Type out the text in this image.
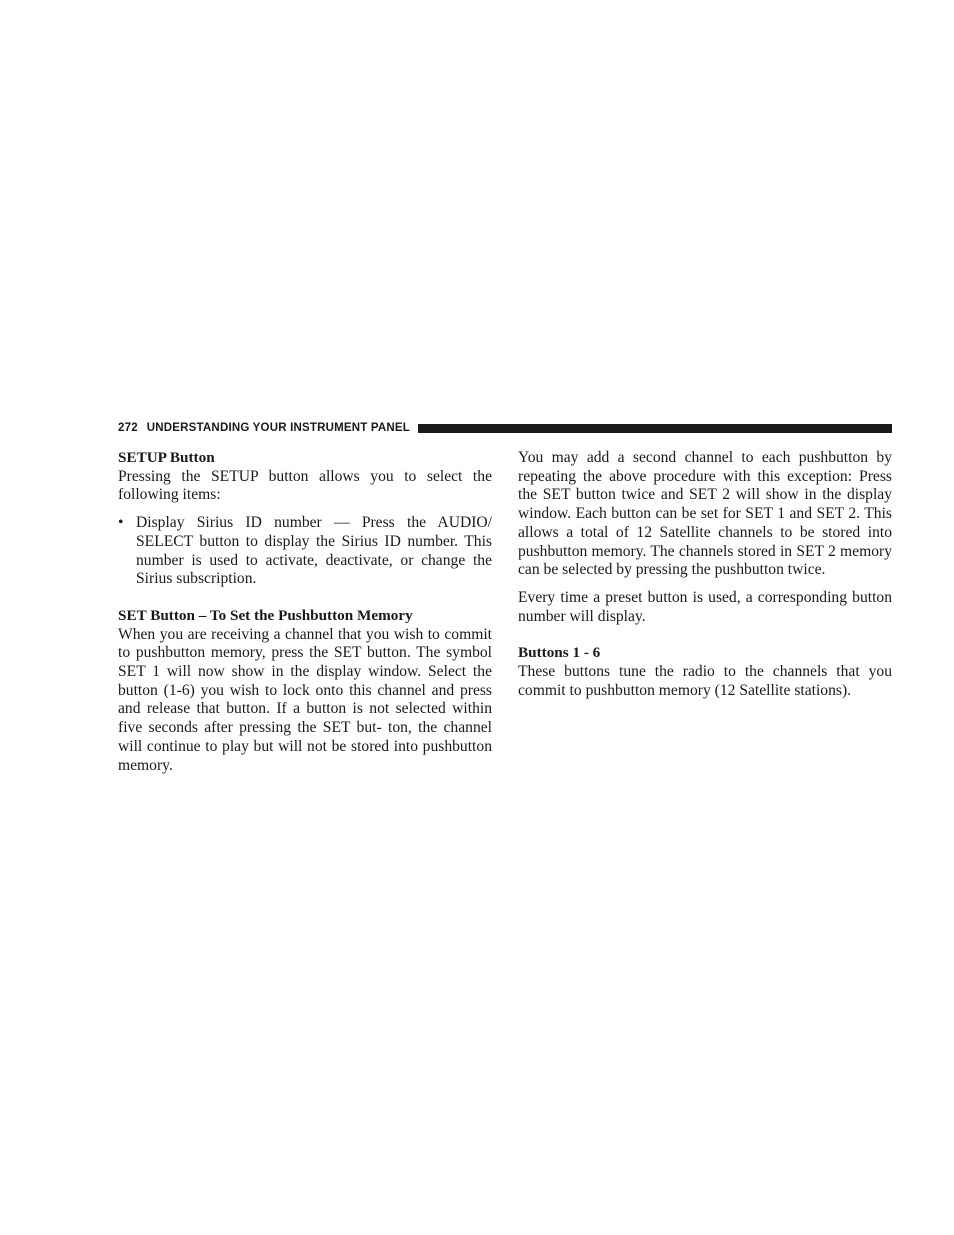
272 UNDERSTANDING YOUR INSTRUMENT PANEL
SETUP Button

Pressing the SETUP button allows you to select the following items:

• Display Sirius ID number — Press the AUDIO/ SELECT button to display the Sirius ID number. This number is used to activate, deactivate, or change the Sirius subscription.
SET Button – To Set the Pushbutton Memory

When you are receiving a channel that you wish to commit to pushbutton memory, press the SET button. The symbol SET 1 will now show in the display window. Select the button (1-6) you wish to lock onto this channel and press and release that button. If a button is not selected within five seconds after pressing the SET but- ton, the channel will continue to play but will not be stored into pushbutton memory.

You may add a second channel to each pushbutton by repeating the above procedure with this exception: Press the SET button twice and SET 2 will show in the display window. Each button can be set for SET 1 and SET 2. This allows a total of 12 Satellite channels to be stored into pushbutton memory. The channels stored in SET 2 memory can be selected by pressing the pushbutton twice.

Every time a preset button is used, a corresponding button number will display.

Buttons 1 - 6

These buttons tune the radio to the channels that you commit to pushbutton memory (12 Satellite stations).
